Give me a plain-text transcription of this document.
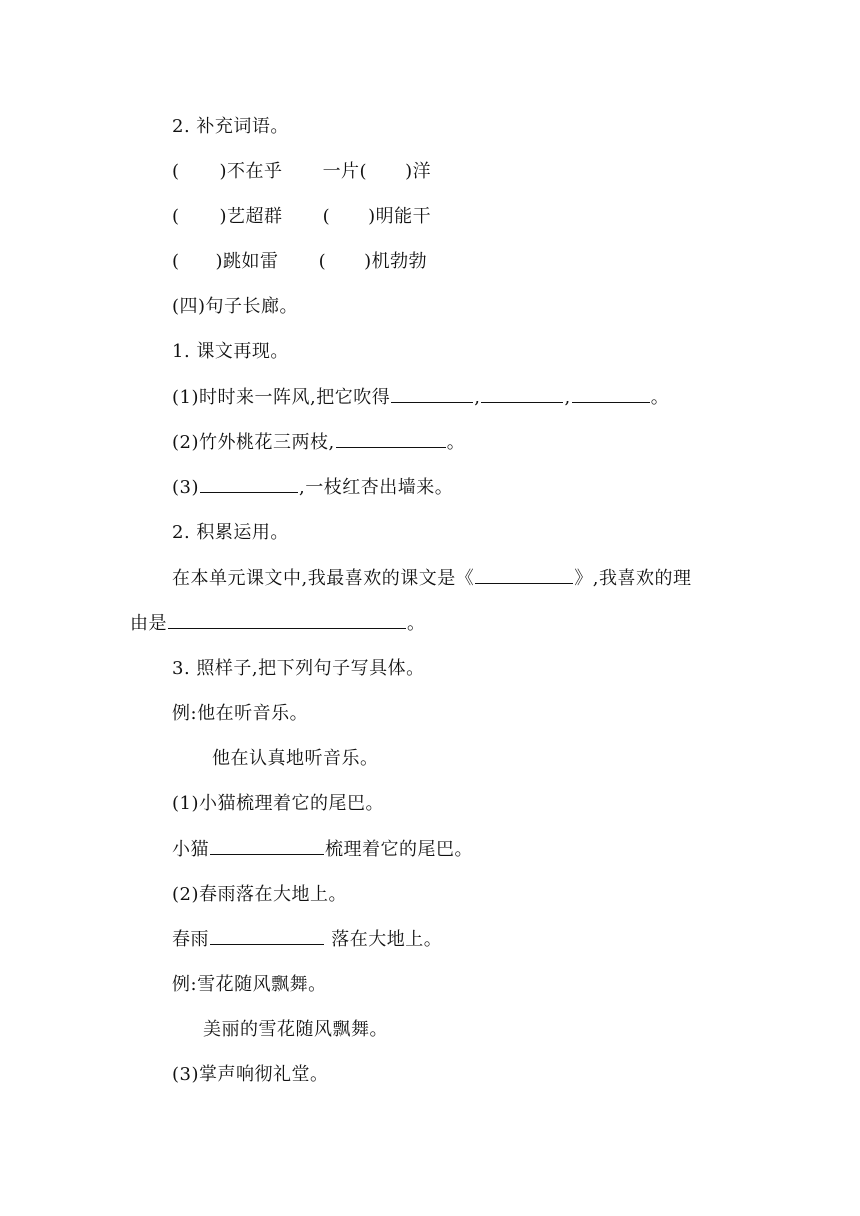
2. 补充词语。
( )不在乎 一片( )洋
( )艺超群 ( )明能干
( )跳如雷 ( )机勃勃
(四)句子长廊。
1. 课文再现。
(1)时时来一阵风,把它吹得	,	,	。
(2)竹外桃花三两枝,	。
(3)	,一枝红杏出墙来。
2. 积累运用。
在本单元课文中,我最喜欢的课文是《	》,我喜欢的理
由是	。
3. 照样子,把下列句子写具体。
例:他在听音乐。
他在认真地听音乐。
(1)小猫梳理着它的尾巴。
小猫	梳理着它的尾巴。
(2)春雨落在大地上。
春雨	落在大地上。
例:雪花随风飘舞。
美丽的雪花随风飘舞。
(3)掌声响彻礼堂。
